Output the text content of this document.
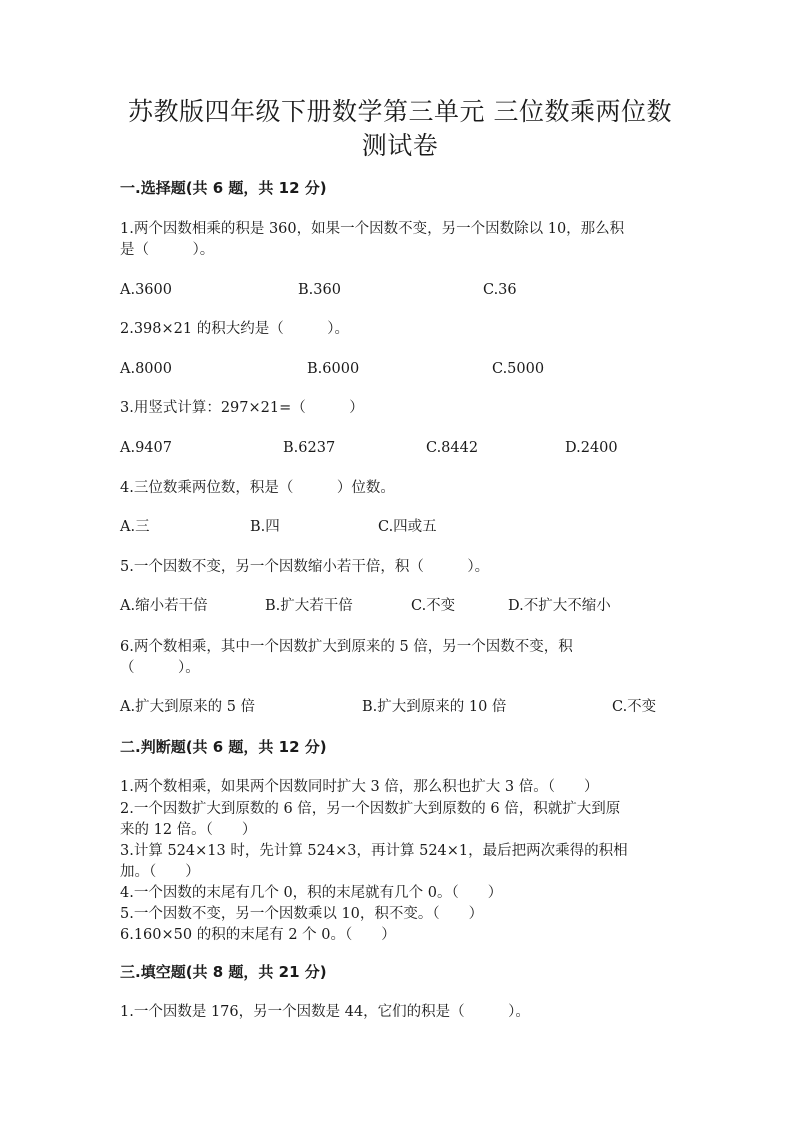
苏教版四年级下册数学第三单元 三位数乘两位数
测试卷
一.选择题(共 6 题，共 12 分)
1.两个因数相乘的积是 360，如果一个因数不变，另一个因数除以 10，那么积
是（　　　）。
A.3600	B.360	C.36
2.398×21 的积大约是（　　　）。
A.8000	B.6000	C.5000
3.用竖式计算：297×21=（　　　）
A.9407	B.6237	C.8442	D.2400
4.三位数乘两位数，积是（　　　）位数。
A.三	B.四	C.四或五
5.一个因数不变，另一个因数缩小若干倍，积（　　　）。
A.缩小若干倍	B.扩大若干倍	C.不变	D.不扩大不缩小
6.两个数相乘，其中一个因数扩大到原来的 5 倍，另一个因数不变，积
（　　　）。
A.扩大到原来的 5 倍	B.扩大到原来的 10 倍	C.不变
二.判断题(共 6 题，共 12 分)
1.两个数相乘，如果两个因数同时扩大 3 倍，那么积也扩大 3 倍。（　　）
2.一个因数扩大到原数的 6 倍，另一个因数扩大到原数的 6 倍，积就扩大到原
来的 12 倍。（　　）
3.计算 524×13 时，先计算 524×3，再计算 524×1，最后把两次乘得的积相
加。（　　）
4.一个因数的末尾有几个 0，积的末尾就有几个 0。（　　）
5.一个因数不变，另一个因数乘以 10，积不变。（　　）
6.160×50 的积的末尾有 2 个 0。（　　）
三.填空题(共 8 题，共 21 分)
1.一个因数是 176，另一个因数是 44，它们的积是（　　　）。
